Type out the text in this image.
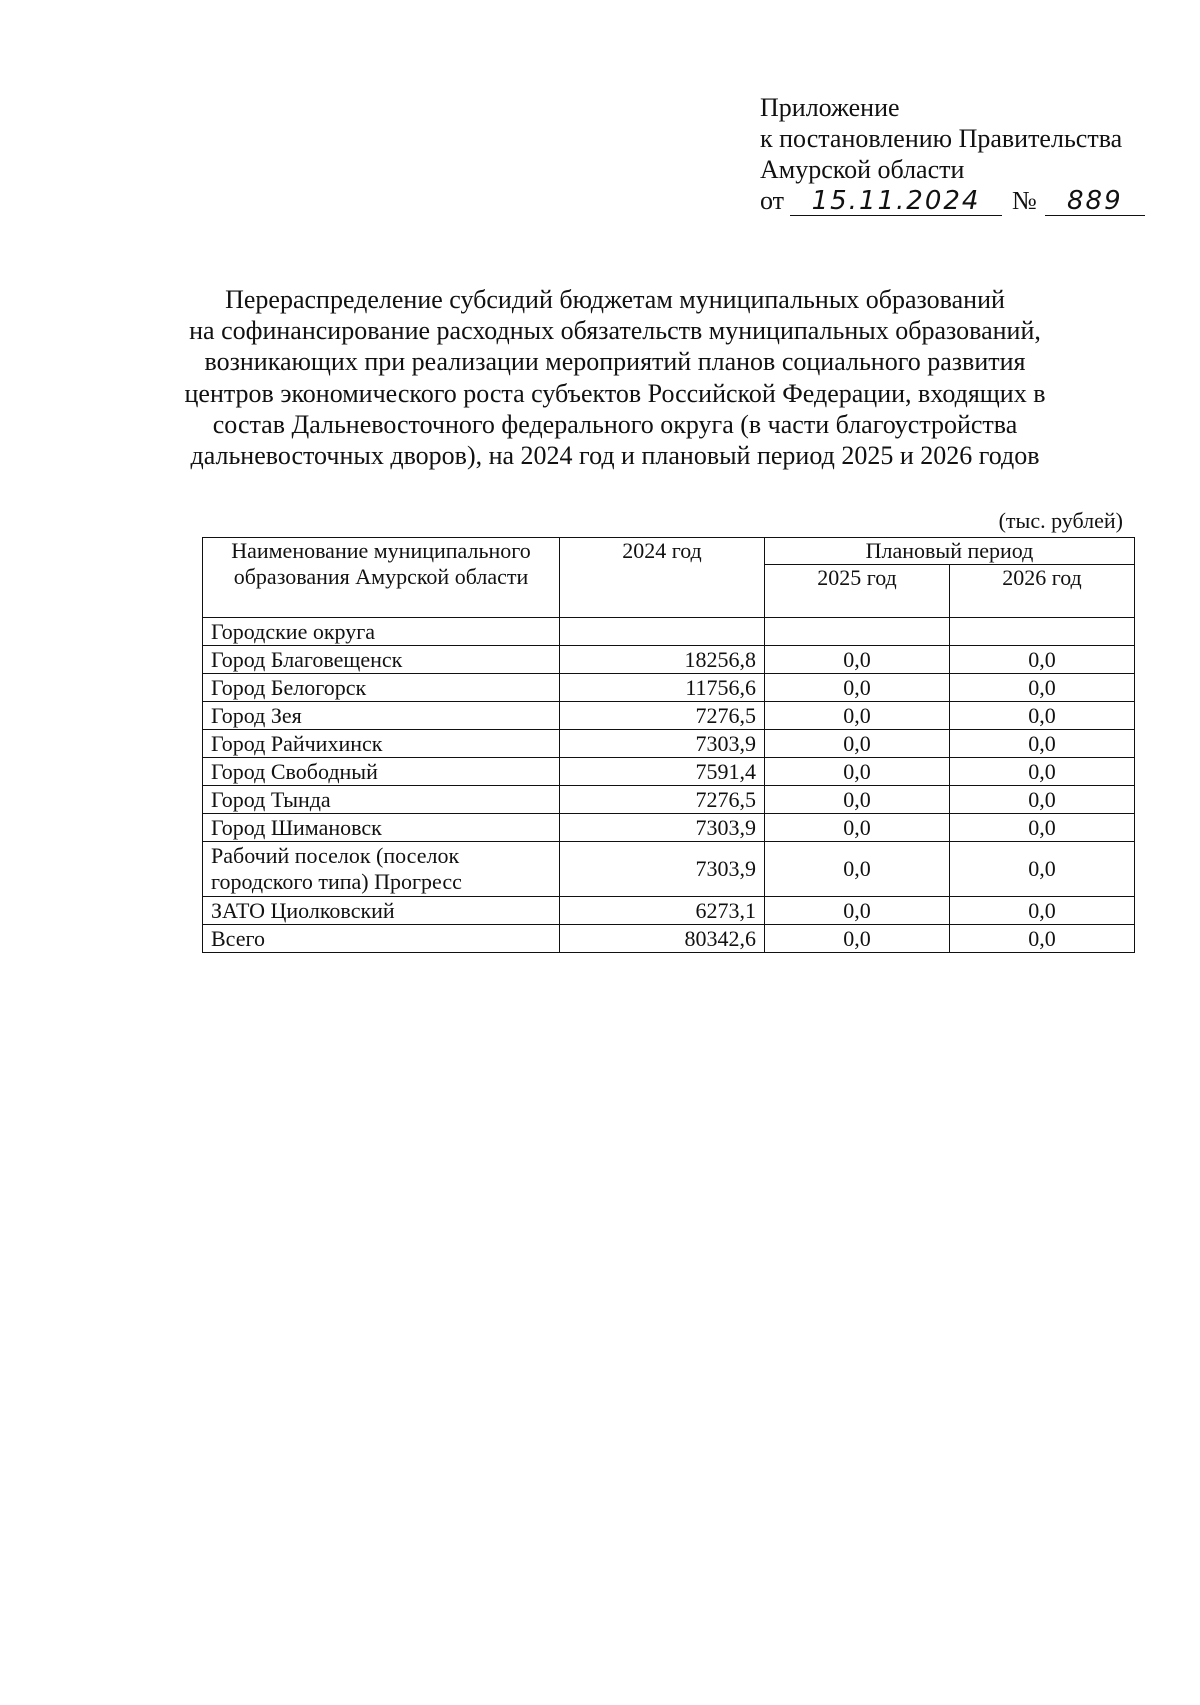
Приложение
к постановлению Правительства
Амурской области
от	15.11.2024	№	889
Перераспределение субсидий бюджетам муниципальных образований
на софинансирование расходных обязательств муниципальных образований,
возникающих при реализации мероприятий планов социального развития
центров экономического роста субъектов Российской Федерации, входящих в
состав Дальневосточного федерального округа (в части благоустройства
дальневосточных дворов), на 2024 год и плановый период 2025 и 2026 годов
(тыс. рублей)
Наименование муниципального образования Амурской области	2024 год	Плановый период	
		2025 год	2026 год
Городские округа			
Город Благовещенск	18256,8	0,0	0,0
Город Белогорск	11756,6	0,0	0,0
Город Зея	7276,5	0,0	0,0
Город Райчихинск	7303,9	0,0	0,0
Город Свободный	7591,4	0,0	0,0
Город Тында	7276,5	0,0	0,0
Город Шимановск	7303,9	0,0	0,0
Рабочий поселок (поселок городского типа) Прогресс	7303,9	0,0	0,0
ЗАТО Циолковский	6273,1	0,0	0,0
Всего	80342,6	0,0	0,0
